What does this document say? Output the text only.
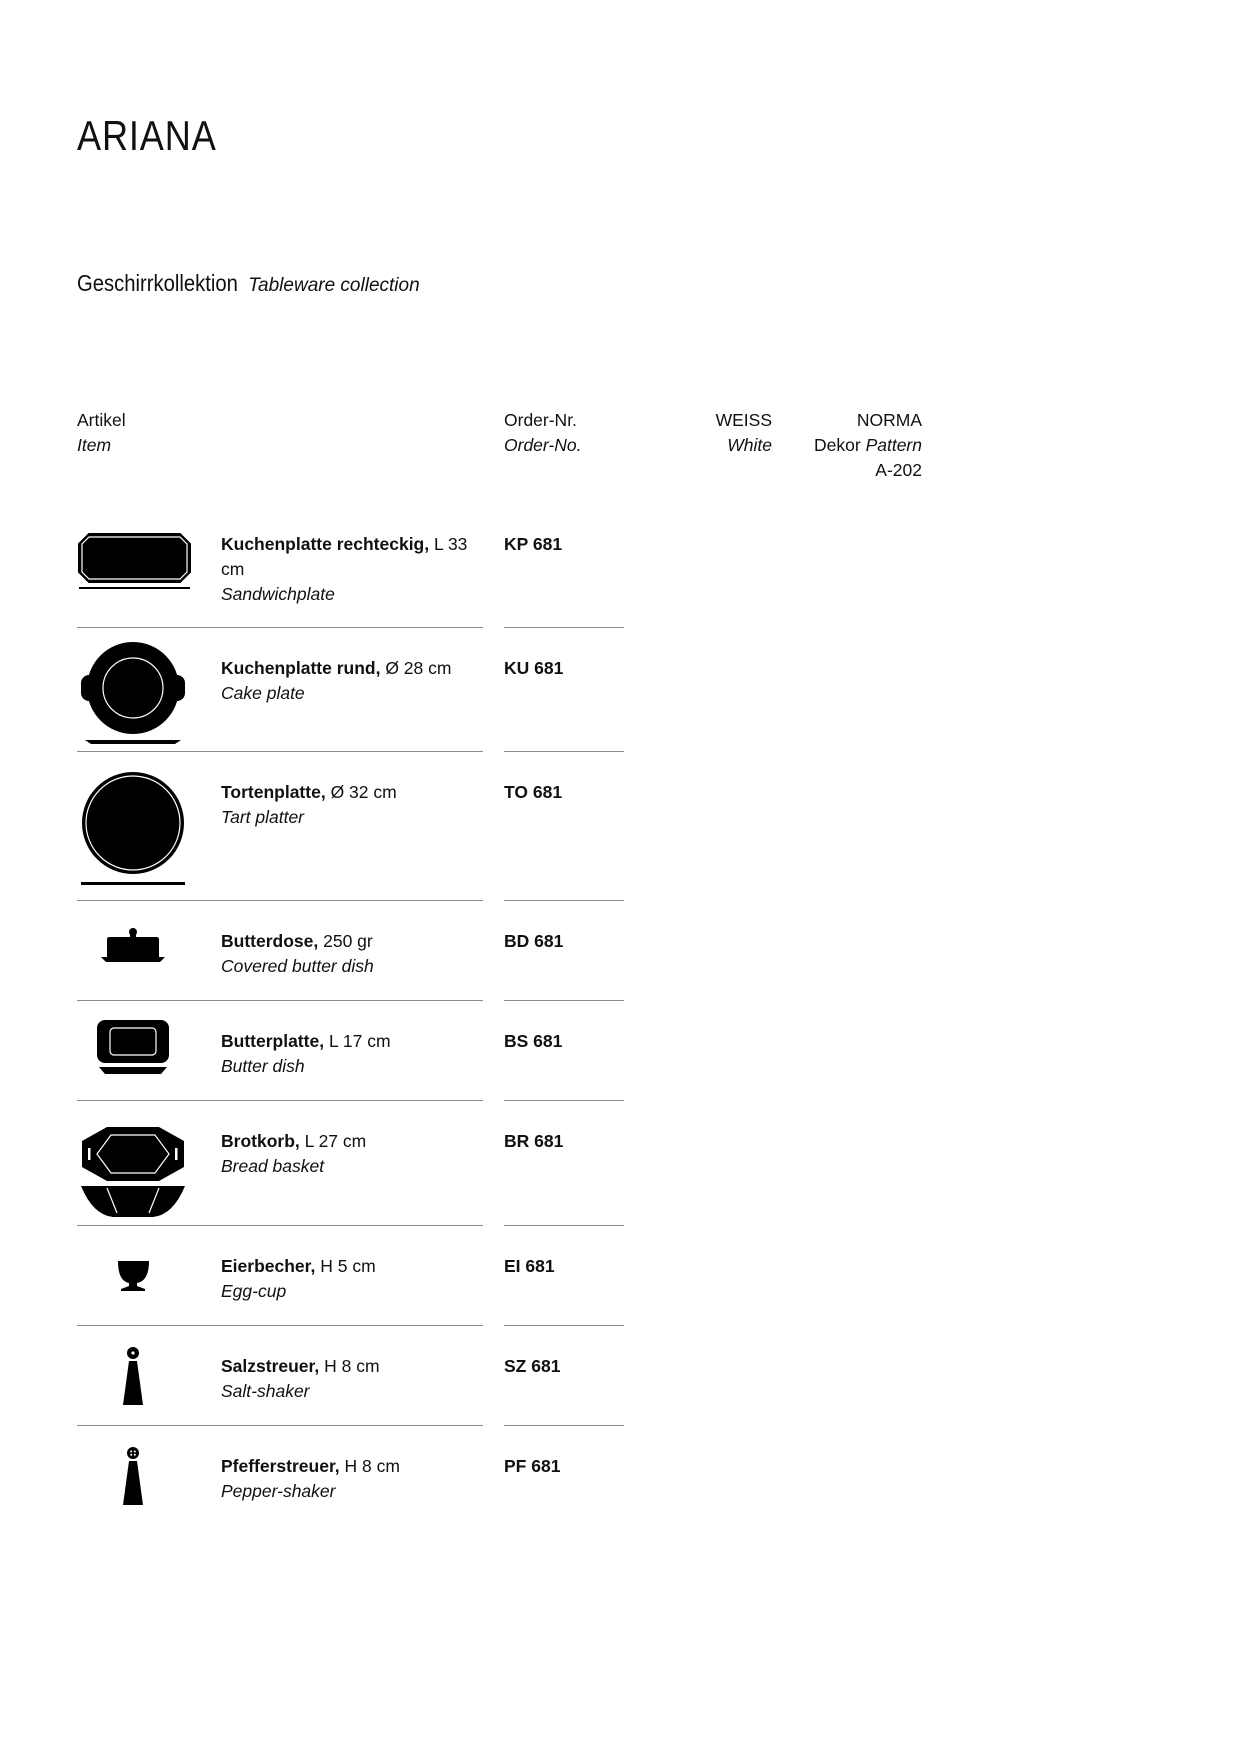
ARIANA
Geschirrkollektion Tableware collection
Artikel
Item
Order-Nr.
Order-No.
WEISS
White
NORMA
Dekor Pattern
A-202
Kuchenplatte rechteckig, L 33 cm
Sandwichplate
KP 681
Kuchenplatte rund, Ø 28 cm
Cake plate
KU 681
Tortenplatte, Ø 32 cm
Tart platter
TO 681
Butterdose, 250 gr
Covered butter dish
BD 681
Butterplatte, L 17 cm
Butter dish
BS 681
Brotkorb, L 27 cm
Bread basket
BR 681
Eierbecher, H 5 cm
Egg-cup
EI 681
Salzstreuer, H 8 cm
Salt-shaker
SZ 681
Pfefferstreuer, H 8 cm
Pepper-shaker
PF 681
